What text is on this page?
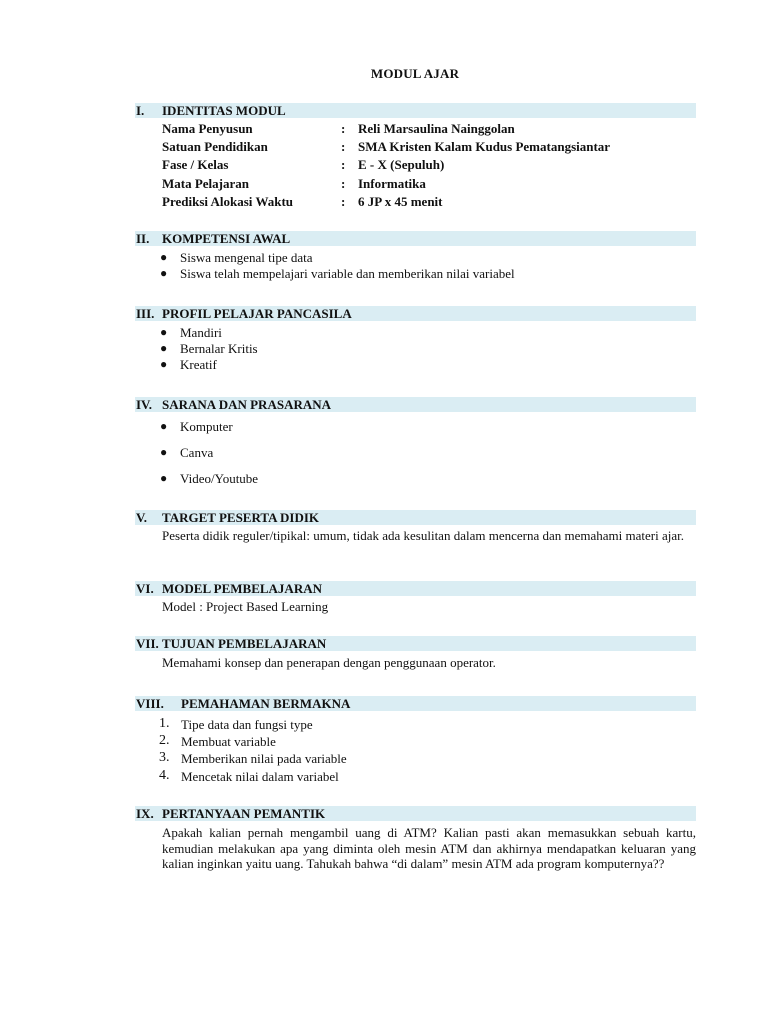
MODUL AJAR
I. IDENTITAS MODUL
Nama Penyusun	: Reli Marsaulina Nainggolan
Satuan Pendidikan	: SMA Kristen Kalam Kudus Pematangsiantar
Fase / Kelas	: E - X (Sepuluh)
Mata Pelajaran	: Informatika
Prediksi Alokasi Waktu	: 6 JP x 45 menit
II. KOMPETENSI AWAL
● Siswa mengenal tipe data
● Siswa telah mempelajari variable dan memberikan nilai variabel
III. PROFIL PELAJAR PANCASILA
● Mandiri
● Bernalar Kritis
● Kreatif
IV. SARANA DAN PRASARANA
● Komputer
● Canva
● Video/Youtube
V. TARGET PESERTA DIDIK
Peserta didik reguler/tipikal: umum, tidak ada kesulitan dalam mencerna dan memahami materi ajar.
VI. MODEL PEMBELAJARAN
Model : Project Based Learning
VII. TUJUAN PEMBELAJARAN
Memahami konsep dan penerapan dengan penggunaan operator.
VIII. PEMAHAMAN BERMAKNA
1. Tipe data dan fungsi type
2. Membuat variable
3. Memberikan nilai pada variable
4. Mencetak nilai dalam variabel
IX. PERTANYAAN PEMANTIK
Apakah kalian pernah mengambil uang di ATM? Kalian pasti akan memasukkan sebuah kartu, kemudian melakukan apa yang diminta oleh mesin ATM dan akhirnya mendapatkan keluaran yang kalian inginkan yaitu uang. Tahukah bahwa “di dalam” mesin ATM ada program komputernya??
